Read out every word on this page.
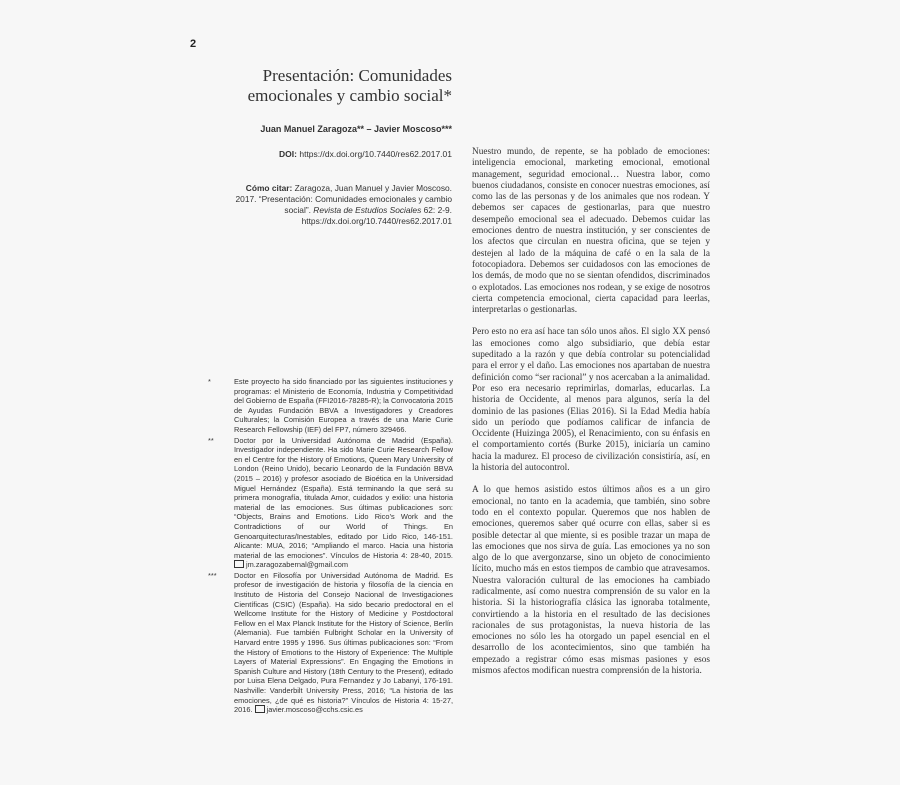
2
Presentación: Comunidades emocionales y cambio social*
Juan Manuel Zaragoza** – Javier Moscoso***
DOI: https://dx.doi.org/10.7440/res62.2017.01
Cómo citar: Zaragoza, Juan Manuel y Javier Moscoso. 2017. “Presentación: Comunidades emocionales y cambio social”. Revista de Estudios Sociales 62: 2-9. https://dx.doi.org/10.7440/res62.2017.01
*	Este proyecto ha sido financiado por las siguientes instituciones y programas: el Ministerio de Economía, Industria y Competitividad del Gobierno de España (FFI2016-78285-R); la Convocatoria 2015 de Ayudas Fundación BBVA a Investigadores y Creadores Culturales; la Comisión Europea a través de una Marie Curie Research Fellowship (IEF) del FP7, número 329466.
**	Doctor por la Universidad Autónoma de Madrid (España). Investigador independiente. Ha sido Marie Curie Research Fellow en el Centre for the History of Emotions, Queen Mary University of London (Reino Unido), becario Leonardo de la Fundación BBVA (2015 – 2016) y profesor asociado de Bioética en la Universidad Miguel Hernández (España). Está terminando la que será su primera monografía, titulada Amor, cuidados y exilio: una historia material de las emociones. Sus últimas publicaciones son: “Objects, Brains and Emotions. Lido Rico’s Work and the Contradictions of our World of Things. En Genoarquitecturas/Inestables, editado por Lido Rico, 146-151. Alicante: MUA, 2016; “Ampliando el marco. Hacia una historia material de las emociones”. Vínculos de Historia 4: 28-40, 2015. jm.zaragozabernal@gmail.com
***	Doctor en Filosofía por Universidad Autónoma de Madrid. Es profesor de investigación de historia y filosofía de la ciencia en Instituto de Historia del Consejo Nacional de Investigaciones Científicas (CSIC) (España). Ha sido becario predoctoral en el Wellcome Institute for the History of Medicine y Postdoctoral Fellow en el Max Planck Institute for the History of Science, Berlín (Alemania). Fue también Fulbright Scholar en la University of Harvard entre 1995 y 1996. Sus últimas publicaciones son: “From the History of Emotions to the History of Experience: The Multiple Layers of Material Expressions”. En Engaging the Emotions in Spanish Culture and History (18th Century to the Present), editado por Luisa Elena Delgado, Pura Fernandez y Jo Labanyi, 176-191. Nashville: Vanderbilt University Press, 2016; “La historia de las emociones, ¿de qué es historia?” Vínculos de Historia 4: 15-27, 2016. javier.moscoso@cchs.csic.es

Nuestro mundo, de repente, se ha poblado de emociones: inteligencia emocional, marketing emocional, emotional management, seguridad emocional… Nuestra labor, como buenos ciudadanos, consiste en conocer nuestras emociones, así como las de las personas y de los animales que nos rodean. Y debemos ser capaces de gestionarlas, para que nuestro desempeño emocional sea el adecuado. Debemos cuidar las emociones dentro de nuestra institución, y ser conscientes de los afectos que circulan en nuestra oficina, que se tejen y destejen al lado de la máquina de café o en la sala de la fotocopiadora. Debemos ser cuidadosos con las emociones de los demás, de modo que no se sientan ofendidos, discriminados o explotados. Las emociones nos rodean, y se exige de nosotros cierta competencia emocional, cierta capacidad para leerlas, interpretarlas o gestionarlas.

Pero esto no era así hace tan sólo unos años. El siglo XX pensó las emociones como algo subsidiario, que debía estar supeditado a la razón y que debía controlar su potencialidad para el error y el daño. Las emociones nos apartaban de nuestra definición como “ser racional” y nos acercaban a la animalidad. Por eso era necesario reprimirlas, domarlas, educarlas. La historia de Occidente, al menos para algunos, sería la del dominio de las pasiones (Elias 2016). Si la Edad Media había sido un período que podíamos calificar de infancia de Occidente (Huizinga 2005), el Renacimiento, con su énfasis en el comportamiento cortés (Burke 2015), iniciaría un camino hacia la madurez. El proceso de civilización consistiría, así, en la historia del autocontrol.

A lo que hemos asistido estos últimos años es a un giro emocional, no tanto en la academia, que también, sino sobre todo en el contexto popular. Queremos que nos hablen de emociones, queremos saber qué ocurre con ellas, saber si es posible detectar al que miente, si es posible trazar un mapa de las emociones que nos sirva de guía. Las emociones ya no son algo de lo que avergonzarse, sino un objeto de conocimiento lícito, mucho más en estos tiempos de cambio que atravesamos. Nuestra valoración cultural de las emociones ha cambiado radicalmente, así como nuestra comprensión de su valor en la historia. Si la historiografía clásica las ignoraba totalmente, convirtiendo a la historia en el resultado de las decisiones racionales de sus protagonistas, la nueva historia de las emociones no sólo les ha otorgado un papel esencial en el desarrollo de los acontecimientos, sino que también ha empezado a registrar cómo esas mismas pasiones y esos mismos afectos modifican nuestra comprensión de la historia.
